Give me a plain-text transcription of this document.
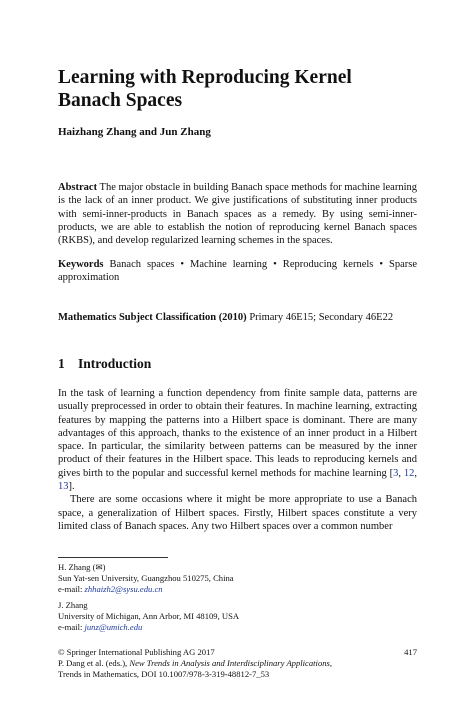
Learning with Reproducing Kernel Banach Spaces
Haizhang Zhang and Jun Zhang
Abstract The major obstacle in building Banach space methods for machine learning is the lack of an inner product. We give justifications of substituting inner products with semi-inner-products in Banach spaces as a remedy. By using semi-inner-products, we are able to establish the notion of reproducing kernel Banach spaces (RKBS), and develop regularized learning schemes in the spaces.
Keywords Banach spaces • Machine learning • Reproducing kernels • Sparse approximation
Mathematics Subject Classification (2010) Primary 46E15; Secondary 46E22
1 Introduction

In the task of learning a function dependency from finite sample data, patterns are usually preprocessed in order to obtain their features. In machine learning, extracting features by mapping the patterns into a Hilbert space is dominant. There are many advantages of this approach, thanks to the existence of an inner product in a Hilbert space. In particular, the similarity between patterns can be measured by the inner product of their features in the Hilbert space. This leads to reproducing kernels and gives birth to the popular and successful kernel methods for machine learning [3, 12, 13].

There are some occasions where it might be more appropriate to use a Banach space, a generalization of Hilbert spaces. Firstly, Hilbert spaces constitute a very limited class of Banach spaces. Any two Hilbert spaces over a common number

H. Zhang (✉)
Sun Yat-sen University, Guangzhou 510275, China
e-mail: zhhaizh2@sysu.edu.cn
J. Zhang
University of Michigan, Ann Arbor, MI 48109, USA
e-mail: junz@umich.edu
© Springer International Publishing AG 2017	417
P. Dang et al. (eds.), New Trends in Analysis and Interdisciplinary Applications,
Trends in Mathematics, DOI 10.1007/978-3-319-48812-7_53
